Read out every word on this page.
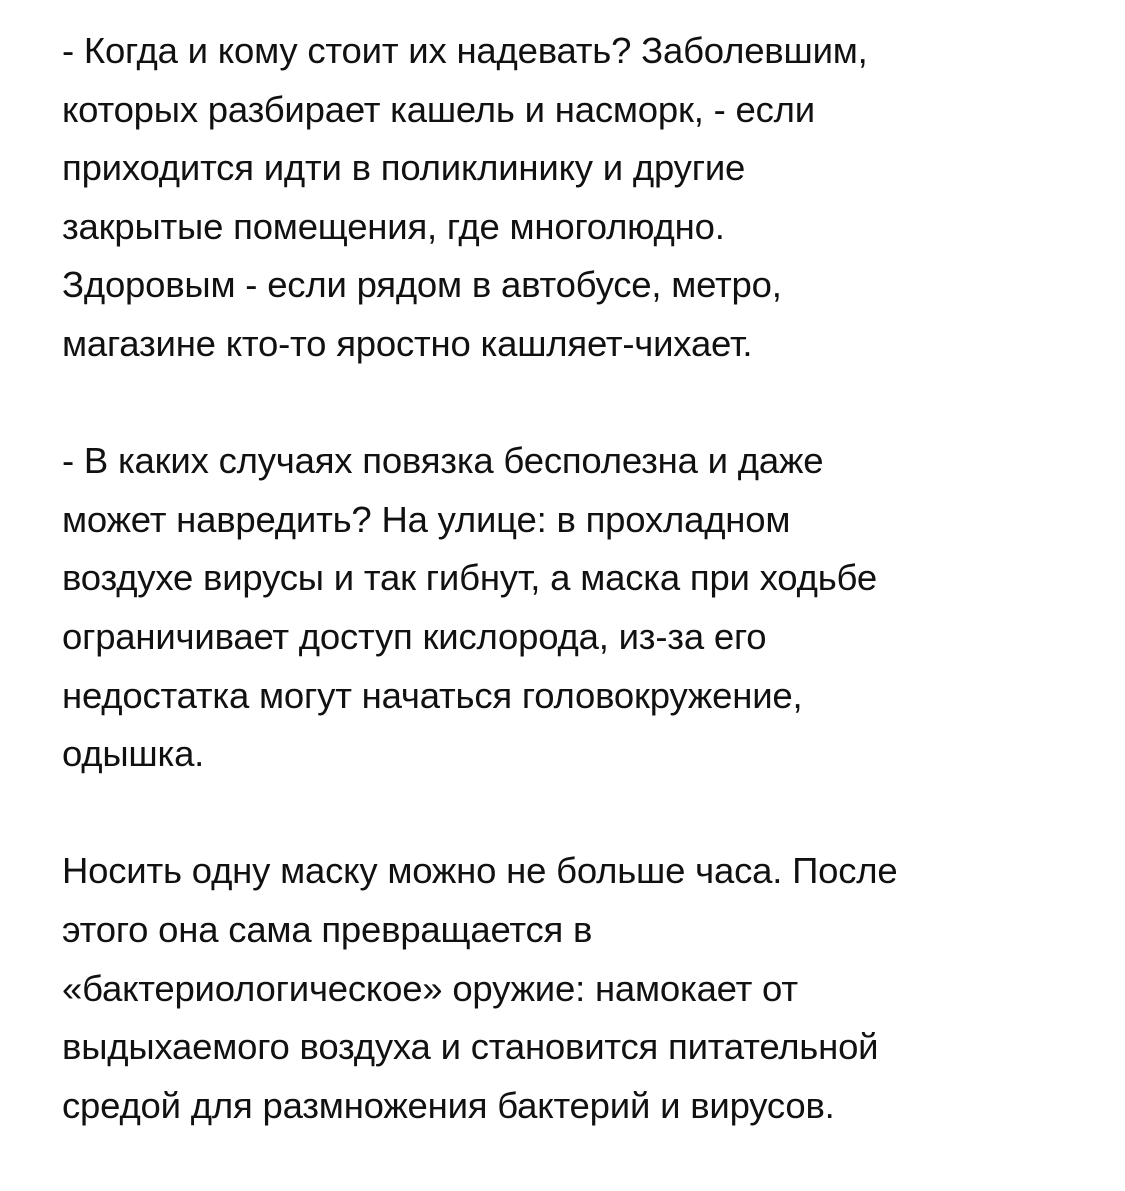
- Когда и кому стоит их надевать? Заболевшим,
которых разбирает кашель и насморк, - если
приходится идти в поликлинику и другие
закрытые помещения, где многолюдно.
Здоровым - если рядом в автобусе, метро,
магазине кто-то яростно кашляет-чихает.
- В каких случаях повязка бесполезна и даже
может навредить? На улице: в прохладном
воздухе вирусы и так гибнут, а маска при ходьбе
ограничивает доступ кислорода, из-за его
недостатка могут начаться головокружение,
одышка.
Носить одну маску можно не больше часа. После
этого она сама превращается в
«бактериологическое» оружие: намокает от
выдыхаемого воздуха и становится питательной
средой для размножения бактерий и вирусов.
